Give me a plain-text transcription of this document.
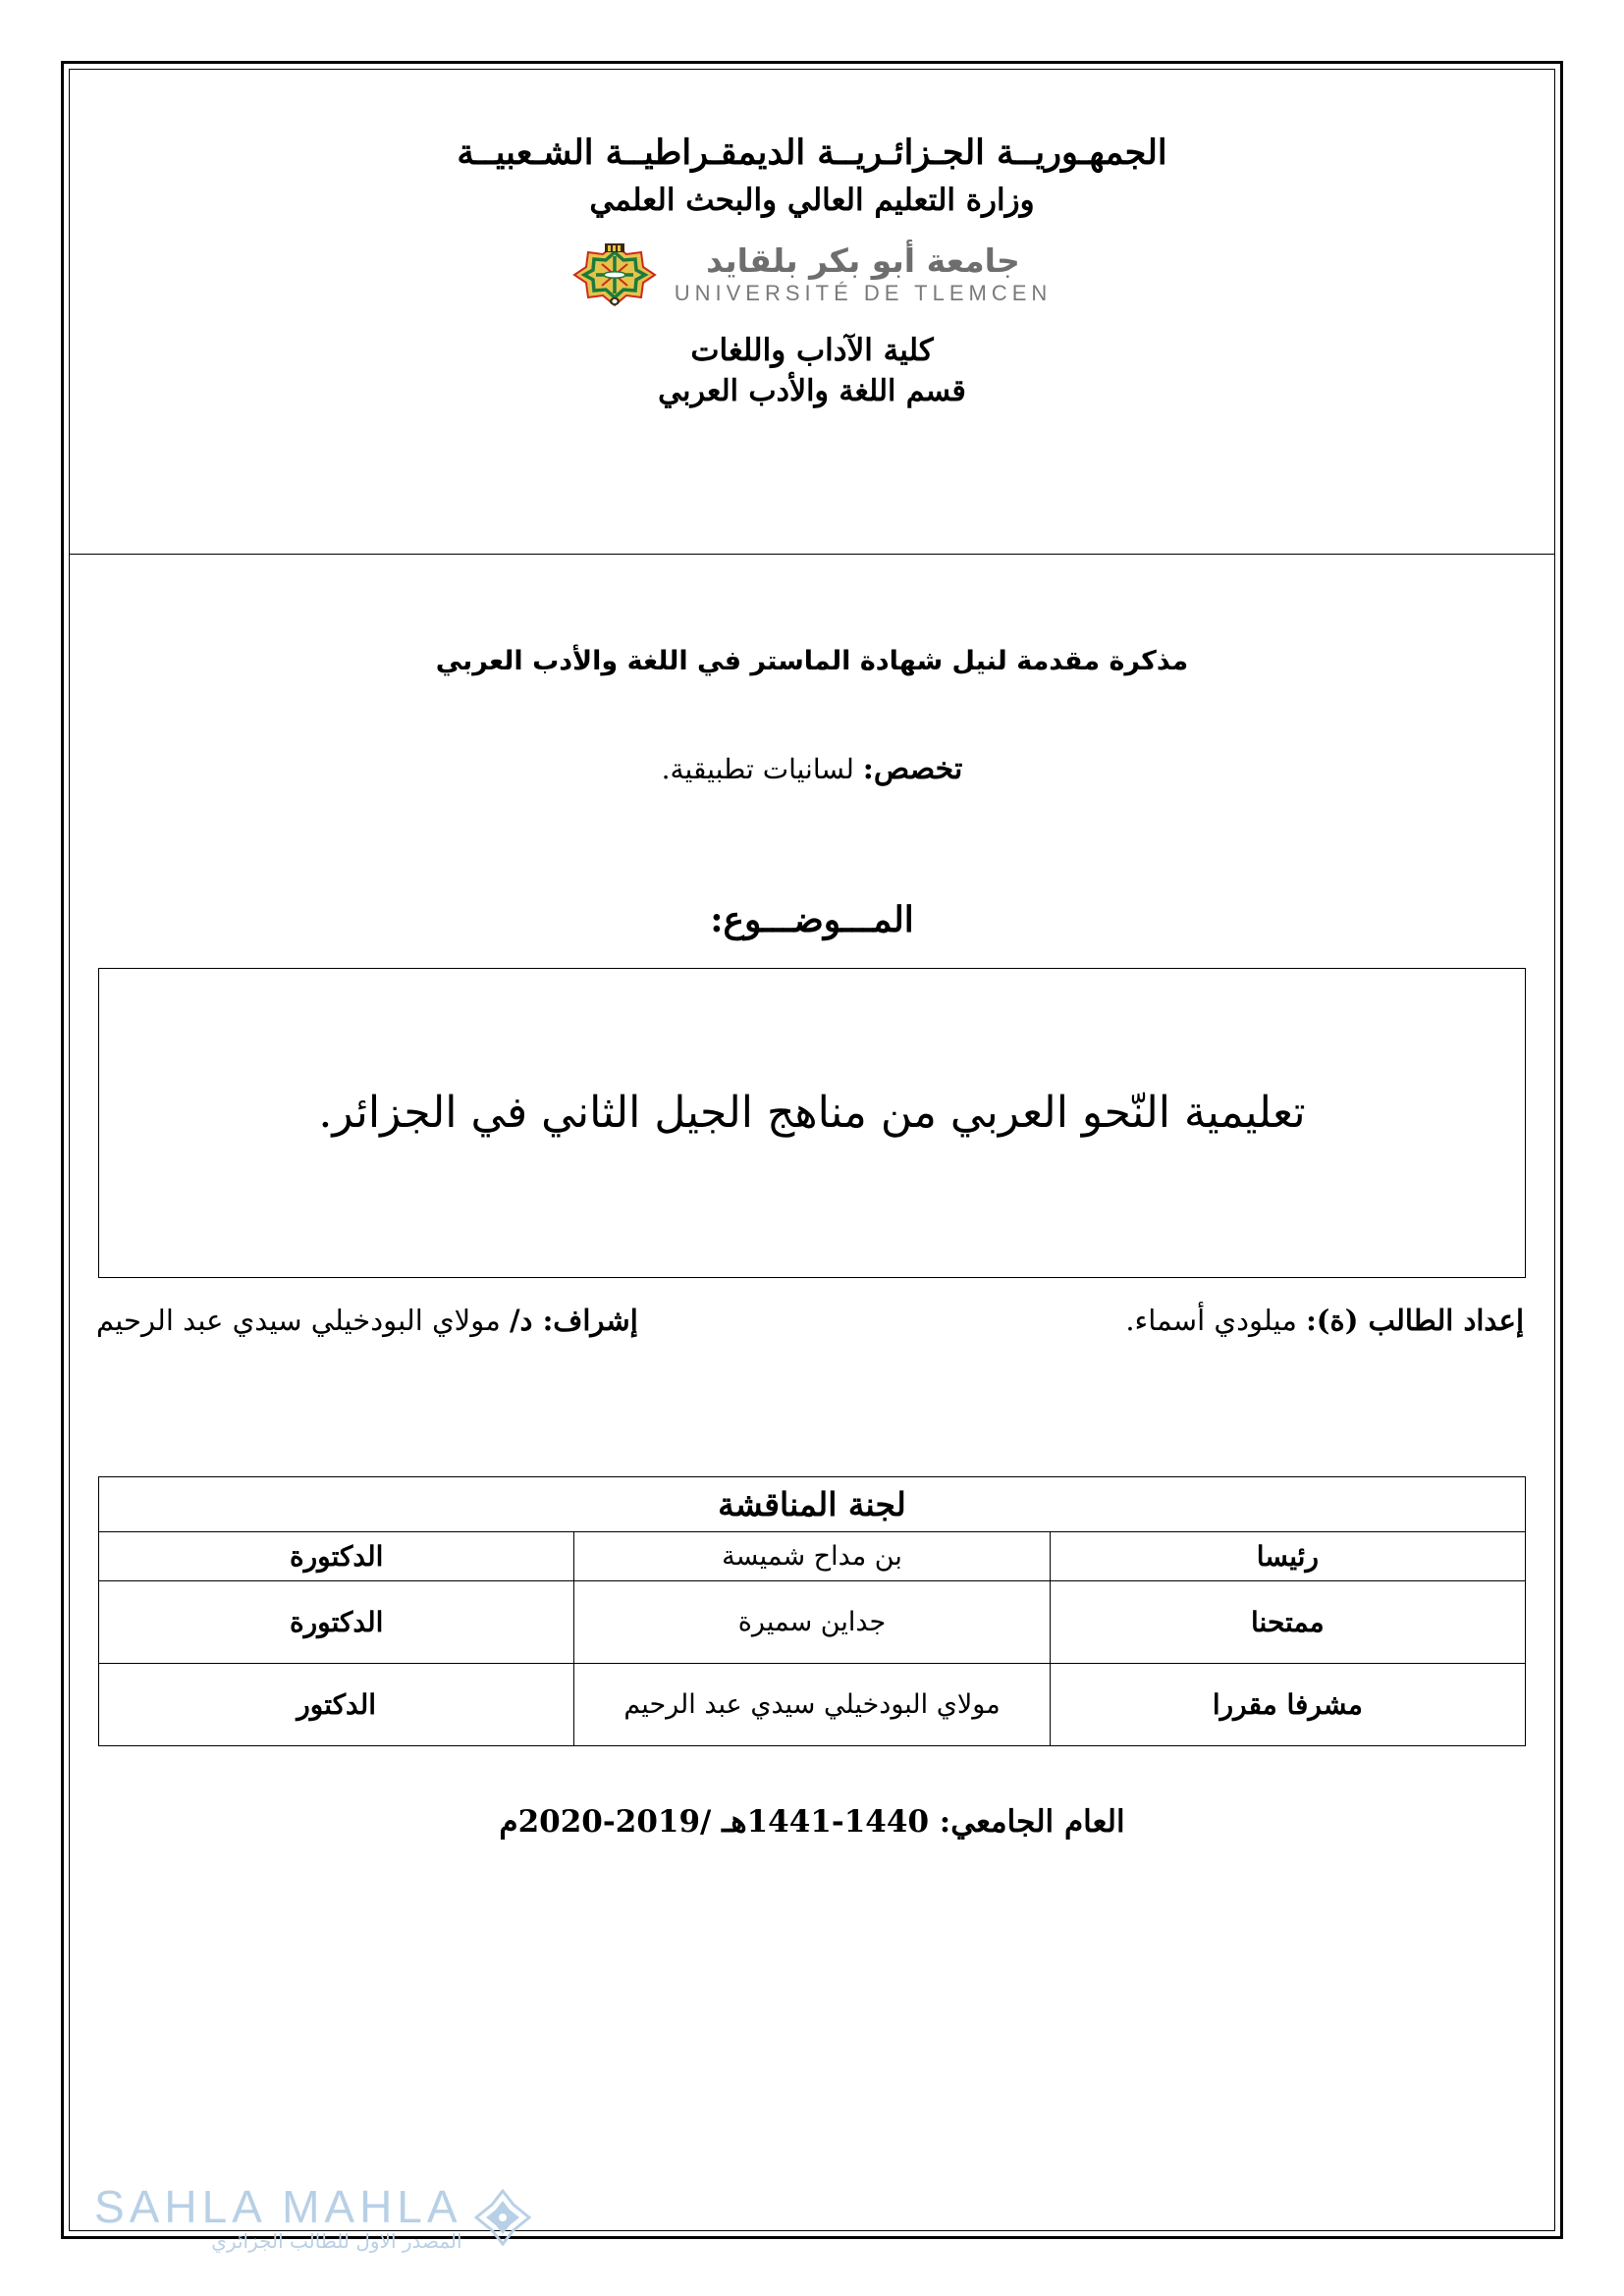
الجمهـوريــة الجـزائـريــة الديمقـراطيــة الشـعبيــة
وزارة التعليم العالي والبحث العلمي
جامعة أبو بكر بلقايد
UNIVERSITÉ DE TLEMCEN
كلية الآداب واللغات
قسم اللغة والأدب العربي
مذكرة مقدمة لنيل شهادة الماستر في اللغة والأدب العربي
تخصص: لسانيات تطبيقية.
المـــوضـــوع:
تعليمية النّحو العربي من مناهج الجيل الثاني في الجزائر.
إعداد الطالب (ة): ميلودي أسماء.
إشراف: د/ مولاي البودخيلي سيدي عبد الرحيم
لجنة المناقشة		
رئيسا	بن مداح شميسة	الدكتورة
ممتحنا	جداين سميرة	الدكتورة
مشرفا مقررا	مولاي البودخيلي سيدي عبد الرحيم	الدكتور
العام الجامعي: 1440-1441هـ /2019-2020م
SAHLA MAHLA
المصدر الاول للطالب الجزائري
